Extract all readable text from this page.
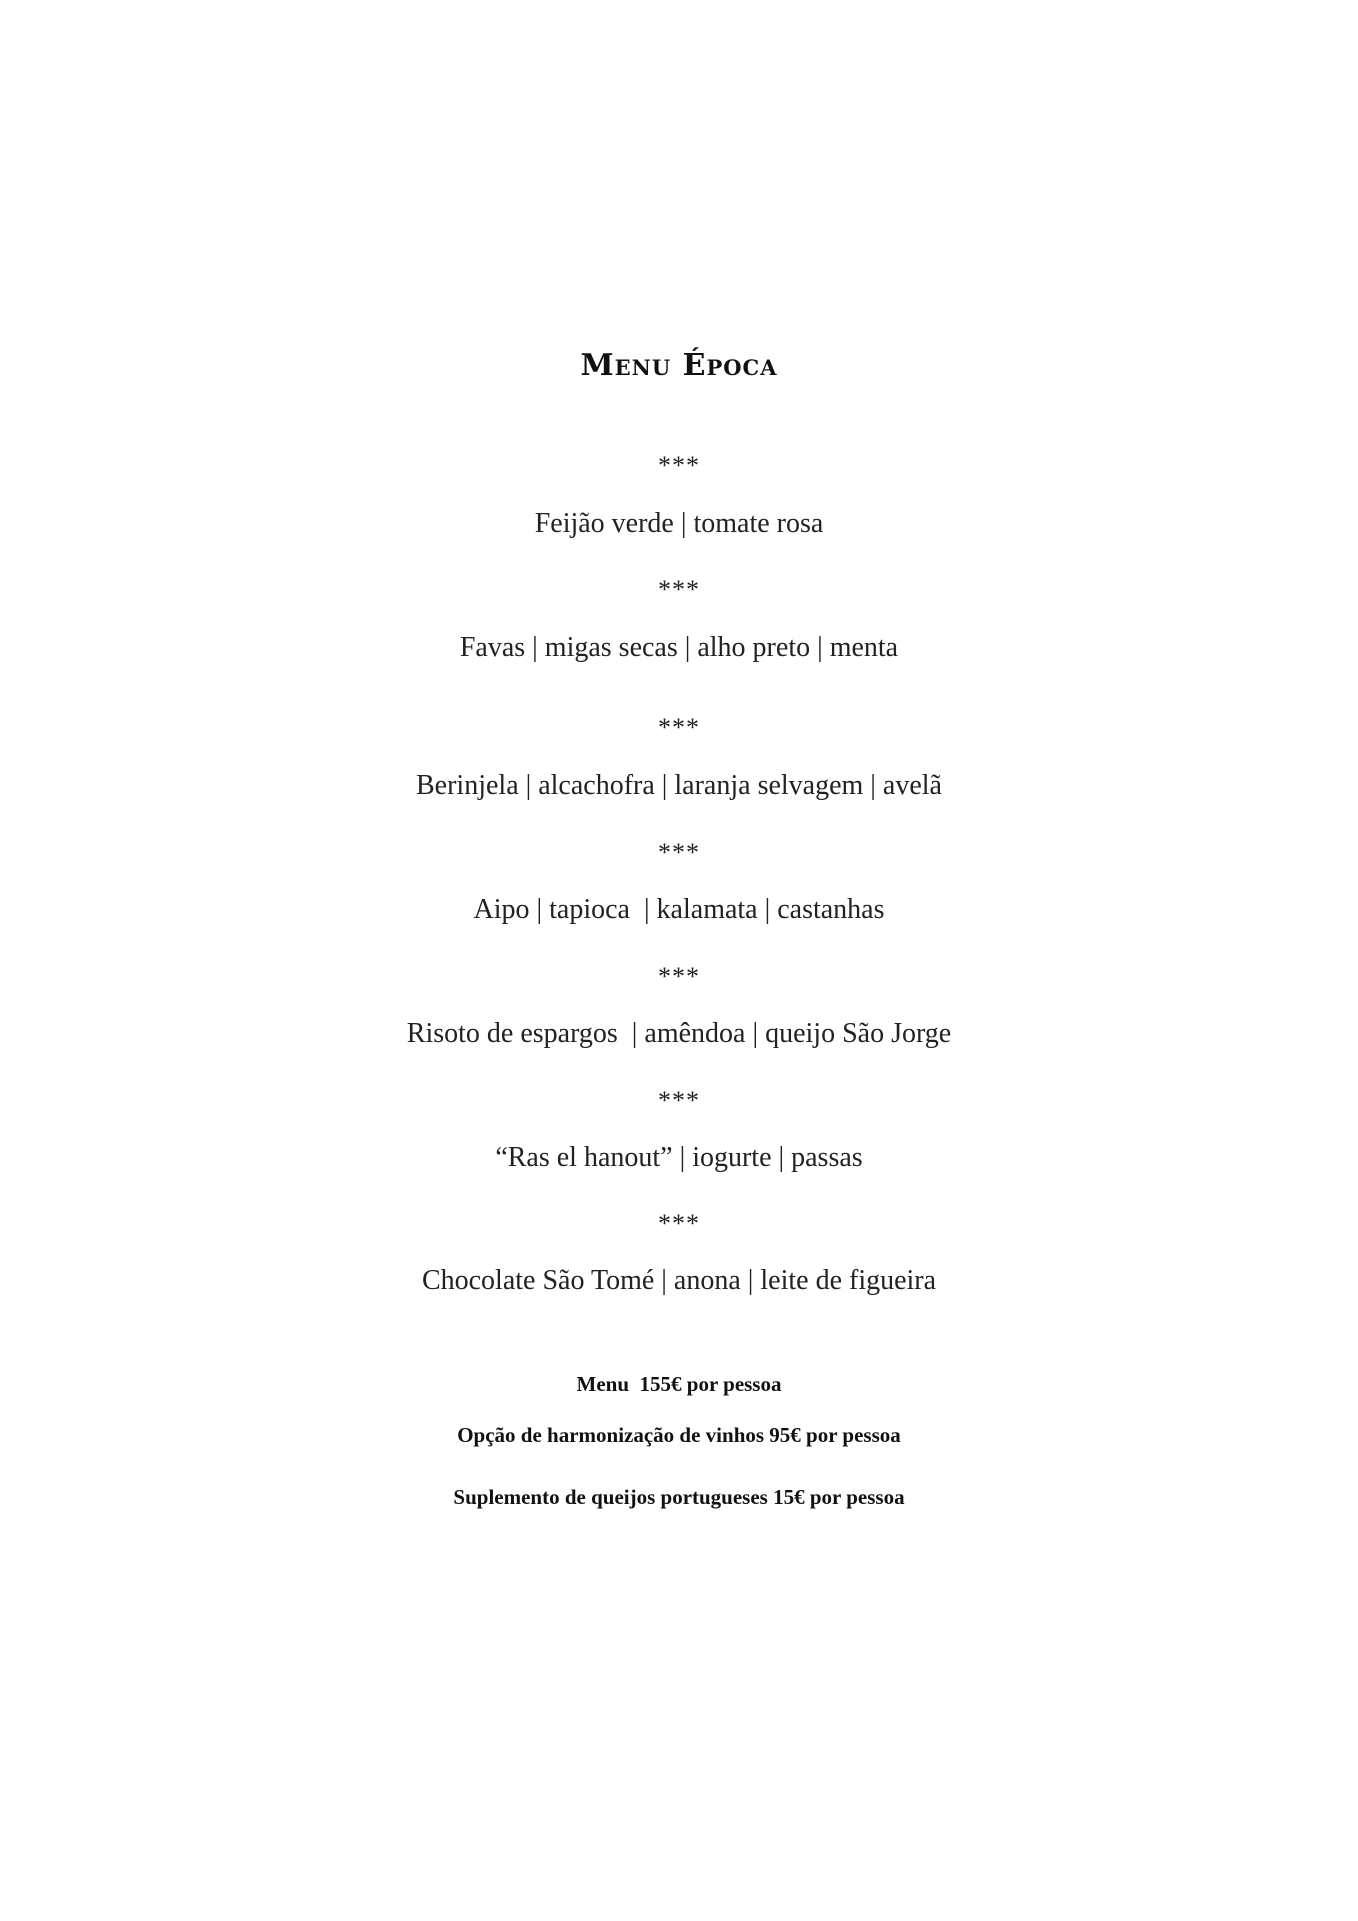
Menu Época
***
Feijão verde | tomate rosa
***
Favas | migas secas | alho preto | menta
***
Berinjela | alcachofra | laranja selvagem | avelã
***
Aipo | tapioca  | kalamata | castanhas
***
Risoto de espargos  | amêndoa | queijo São Jorge
***
“Ras el hanout” | iogurte | passas
***
Chocolate São Tomé | anona | leite de figueira
Menu  155€ por pessoa
Opção de harmonização de vinhos 95€ por pessoa
Suplemento de queijos portugueses 15€ por pessoa
